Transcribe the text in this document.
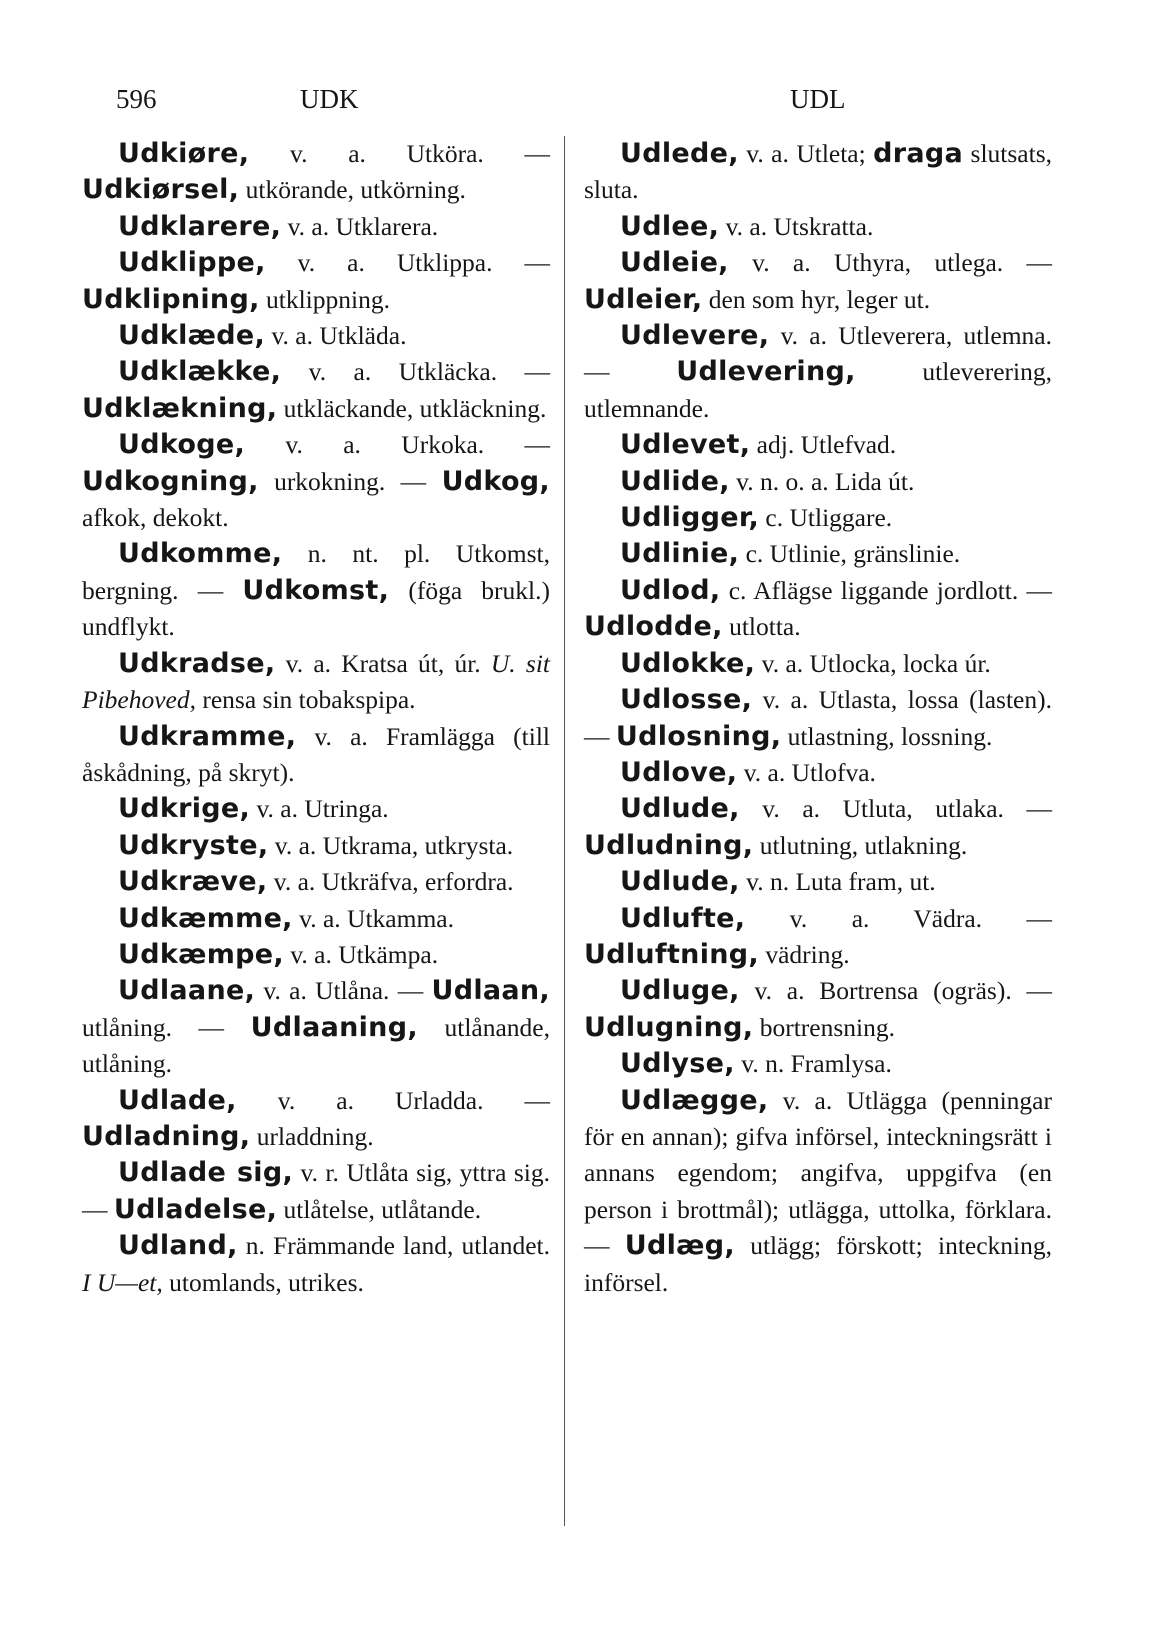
596	UDK	UDL

Udkiøre, v. a. Utköra. — Udkiørsel, utkörande, utkörning.

Udklarere, v. a. Utklarera.

Udklippe, v. a. Utklippa. — Udklipning, utklippning.

Udklæde, v. a. Utkläda.

Udklække, v. a. Utkläcka. — Udklækning, utkläckande, utkläckning.

Udkoge, v. a. Urkoka. — Udkogning, urkokning. — Udkog, afkok, dekokt.

Udkomme, n. nt. pl. Utkomst, bergning. — Udkomst, (föga brukl.) undflykt.

Udkradse, v. a. Kratsa út, úr. U. sit Pibehoved, rensa sin tobakspipa.

Udkramme, v. a. Framlägga (till åskådning, på skryt).

Udkrige, v. a. Utringa.

Udkryste, v. a. Utkrama, utkrysta.

Udkræve, v. a. Utkräfva, erfordra.

Udkæmme, v. a. Utkamma.

Udkæmpe, v. a. Utkämpa.

Udlaane, v. a. Utlåna. — Udlaan, utlåning. — Udlaaning, utlånande, utlåning.

Udlade, v. a. Urladda. — Udladning, urladdning.

Udlade sig, v. r. Utlåta sig, yttra sig. — Udladelse, utlåtelse, utlåtande.

Udland, n. Främmande land, utlandet. I U—et, utomlands, utrikes.

Udlede, v. a. Utleta; draga slutsats, sluta.

Udlee, v. a. Utskratta.

Udleie, v. a. Uthyra, utlega. — Udleier, den som hyr, leger ut.

Udlevere, v. a. Utleverera, utlemna. — Udlevering, utleverering, utlemnande.

Udlevet, adj. Utlefvad.

Udlide, v. n. o. a. Lida út.

Udligger, c. Utliggare.

Udlinie, c. Utlinie, gränslinie.

Udlod, c. Aflägse liggande jordlott. — Udlodde, utlotta.

Udlokke, v. a. Utlocka, locka úr.

Udlosse, v. a. Utlasta, lossa (lasten). — Udlosning, utlastning, lossning.

Udlove, v. a. Utlofva.

Udlude, v. a. Utluta, utlaka. — Udludning, utlutning, utlakning.

Udlude, v. n. Luta fram, ut.

Udlufte, v. a. Vädra. — Udluftning, vädring.

Udluge, v. a. Bortrensa (ogräs). — Udlugning, bortrensning.

Udlyse, v. n. Framlysa.

Udlægge, v. a. Utlägga (penningar för en annan); gifva införsel, inteckningsrätt i annans egendom; angifva, uppgifva (en person i brottmål); utlägga, uttolka, förklara. — Udlæg, utlägg; förskott; inteckning, införsel.
